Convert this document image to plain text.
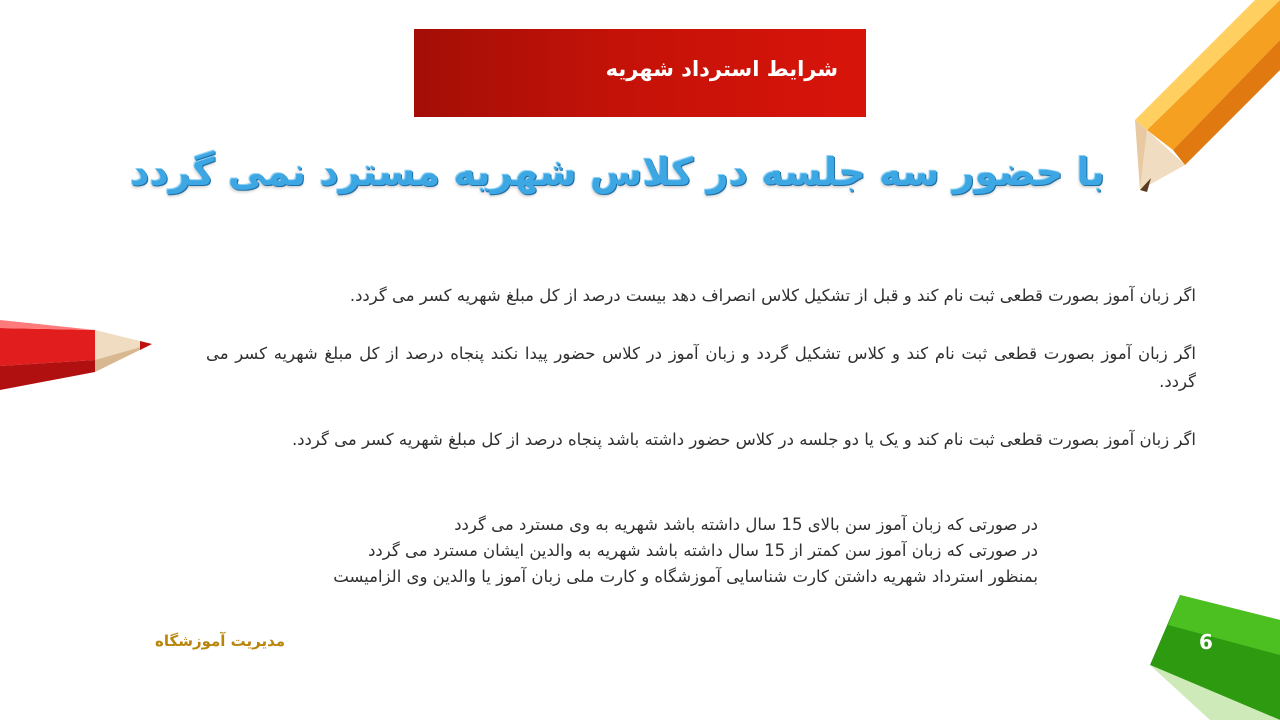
شرایط استرداد شهریه
با حضور سه جلسه در کلاس شهریه مسترد نمی گردد
اگر زبان آموز بصورت قطعی ثبت نام کند و قبل از تشکیل کلاس انصراف دهد بیست درصد از کل مبلغ شهریه کسر می گردد.
اگر زبان آموز بصورت قطعی ثبت نام کند و کلاس تشکیل گردد و زبان آموز در کلاس حضور پیدا نکند پنجاه درصد از کل مبلغ شهریه کسر می گردد.
اگر زبان آموز بصورت قطعی ثبت نام کند و یک یا دو جلسه در کلاس حضور داشته باشد پنجاه درصد از کل مبلغ شهریه کسر می گردد.
در صورتی که زبان آموز سن بالای 15 سال داشته باشد شهریه به وی مسترد می گردد
در صورتی که زبان آموز سن کمتر از 15 سال داشته باشد شهریه به والدین ایشان مسترد می گردد
بمنظور استرداد شهریه داشتن کارت شناسایی آموزشگاه و کارت ملی زبان آموز یا والدین وی الزامیست
مدیریت آموزشگاه	6
